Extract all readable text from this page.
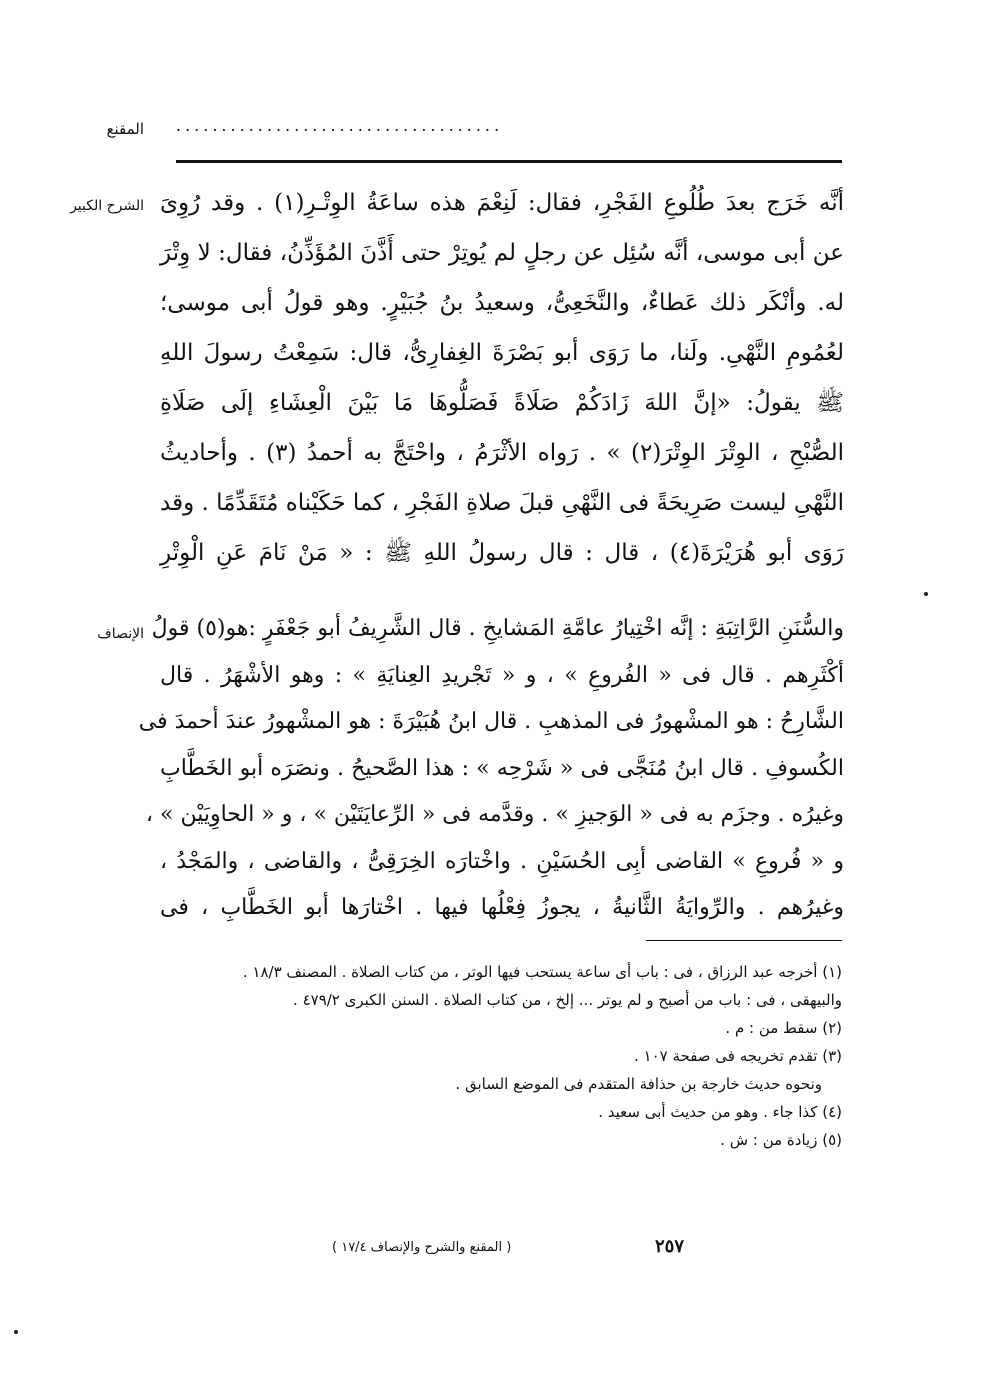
المقنع ....................................
الشرح الكبير أنَّه خَرَج بعدَ طُلُوعِ الفَجْرِ، فقال: لَنِعْمَ هذه ساعَةُ الوِتْـرِ(١) . وقد رُوِىَ
عن أبى موسى، أنَّه سُئِل عن رجلٍ لم يُوتِرْ حتى أَذَّنَ المُؤَذِّنُ، فقال: لا وِتْرَ
له. وأنْكَر ذلك عَطاءٌ، والنَّخَعِىُّ، وسعيدُ بنُ جُبَيْرٍ. وهو قولُ أبى موسى؛
لعُمُومِ النَّهْىِ. ولَنا، ما رَوَى أبو بَصْرَةَ الغِفارِىُّ، قال: سَمِعْتُ رسولَ اللهِ
ﷺ يقولُ: «إنَّ اللهَ زَادَكُمْ صَلَاةً فَصَلُّوهَا مَا بَيْنَ الْعِشَاءِ إلَى صَلَاةِ
الصُّبْحِ ، الوِتْرَ الوِتْرَ(٢) » . رَواه الأثْرَمُ ، واحْتَجَّ به أحمدُ (٣) . وأحاديثُ
النَّهْىِ ليست صَرِيحَةً فى النَّهْىِ قبلَ صلاةِ الفَجْرِ ، كما حَكَيْناه مُتَقَدِّمًا . وقد
رَوَى أبو هُرَيْرَةَ(٤) ، قال : قال رسولُ اللهِ ﷺ : « مَنْ نَامَ عَنِ الْوِتْرِ
الإنصاف والسُّنَنِ الرَّاتِبَةِ : إنَّه اخْتِيارُ عامَّةِ المَشايخِ . قال الشَّرِيفُ أبو جَعْفَرٍ :هو(٥) قولُ
أكْثَرِهم . قال فى « الفُروعِ » ، و « تَجْريدِ العِنايَةِ » : وهو الأشْهَرُ . قال
الشَّارِحُ : هو المشْهورُ فى المذهبِ . قال ابنُ هُبَيْرَةَ : هو المشْهورُ عندَ أحمدَ فى
الكُسوفِ . قال ابنُ مُنَجَّى فى « شَرْحِه » : هذا الصَّحيحُ . ونصَرَه أبو الخَطَّابِ
وغيرُه . وجزَم به فى « الوَجيزِ » . وقدَّمه فى « الرِّعايَتَيْن » ، و « الحاوِيَيْن » ،
و « فُروعِ » القاضى أبِى الحُسَيْنِ . واخْتارَه الخِرَقِىُّ ، والقاضى ، والمَجْدُ ،
وغيرُهم . والرِّوايَةُ الثَّانيةُ ، يجوزُ فِعْلُها فيها . اخْتارَها أبو الخَطَّابِ ، فى
(١) أخرجه عبد الرزاق ، فى : باب أى ساعة يستحب فيها الوتر ، من كتاب الصلاة . المصنف ١٨/٣ .
والبيهقى ، فى : باب من أصبح و لم يوتر ... إلخ ، من كتاب الصلاة . السنن الكبرى ٤٧٩/٢ .
(٢) سقط من : م .
(٣) تقدم تخريجه فى صفحة ١٠٧ .
ونحوه حديث خارجة بن حذافة المتقدم فى الموضع السابق .
(٤) كذا جاء . وهو من حديث أبى سعيد .
(٥) زيادة من : ش .
( المقنع والشرح والإنصاف ١٧/٤ )	٢٥٧
